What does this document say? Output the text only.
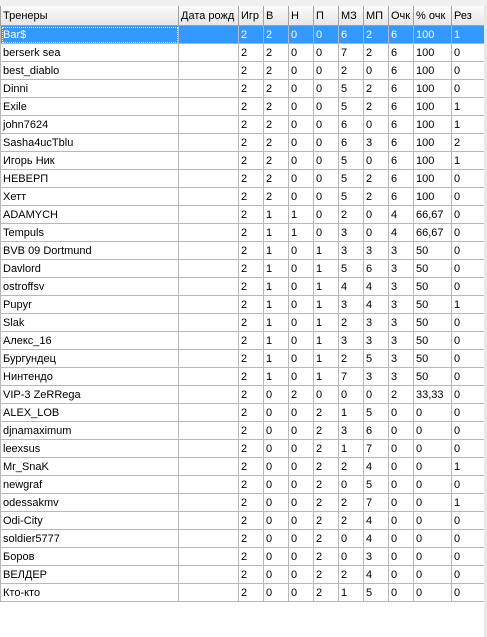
Тренеры	Дата рожд	Игр	В	Н	П	МЗ	МП	Очк	% очк	Рез
Bar$		2	2	0	0	6	2	6	100	1
berserk sea		2	2	0	0	7	2	6	100	0
best_diablo		2	2	0	0	2	0	6	100	0
Dinni		2	2	0	0	5	2	6	100	0
Exile		2	2	0	0	5	2	6	100	1
john7624		2	2	0	0	6	0	6	100	1
Sasha4ucTblu		2	2	0	0	6	3	6	100	2
Игорь Ник		2	2	0	0	5	0	6	100	1
НЕВЕРП		2	2	0	0	5	2	6	100	0
Хетт		2	2	0	0	5	2	6	100	0
ADAMYCH		2	1	1	0	2	0	4	66,67	0
Tempuls		2	1	1	0	3	0	4	66,67	0
BVB 09 Dortmund		2	1	0	1	3	3	3	50	0
Davlord		2	1	0	1	5	6	3	50	0
ostroffsv		2	1	0	1	4	4	3	50	0
Pupyr		2	1	0	1	3	4	3	50	1
Slak		2	1	0	1	2	3	3	50	0
Алекс_16		2	1	0	1	3	3	3	50	0
Бургундец		2	1	0	1	2	5	3	50	0
Нинтендо		2	1	0	1	7	3	3	50	0
VIP-3 ZeRRega		2	0	2	0	0	0	2	33,33	0
ALEX_LOB		2	0	0	2	1	5	0	0	0
djnamaximum		2	0	0	2	3	6	0	0	0
leexsus		2	0	0	2	1	7	0	0	0
Mr_SnaK		2	0	0	2	2	4	0	0	1
newgraf		2	0	0	2	0	5	0	0	0
odessakmv		2	0	0	2	2	7	0	0	1
Odi-City		2	0	0	2	2	4	0	0	0
soldier5777		2	0	0	2	0	4	0	0	0
Боров		2	0	0	2	0	3	0	0	0
ВЕЛДЕР		2	0	0	2	2	4	0	0	0
Кто-кто		2	0	0	2	1	5	0	0	0
